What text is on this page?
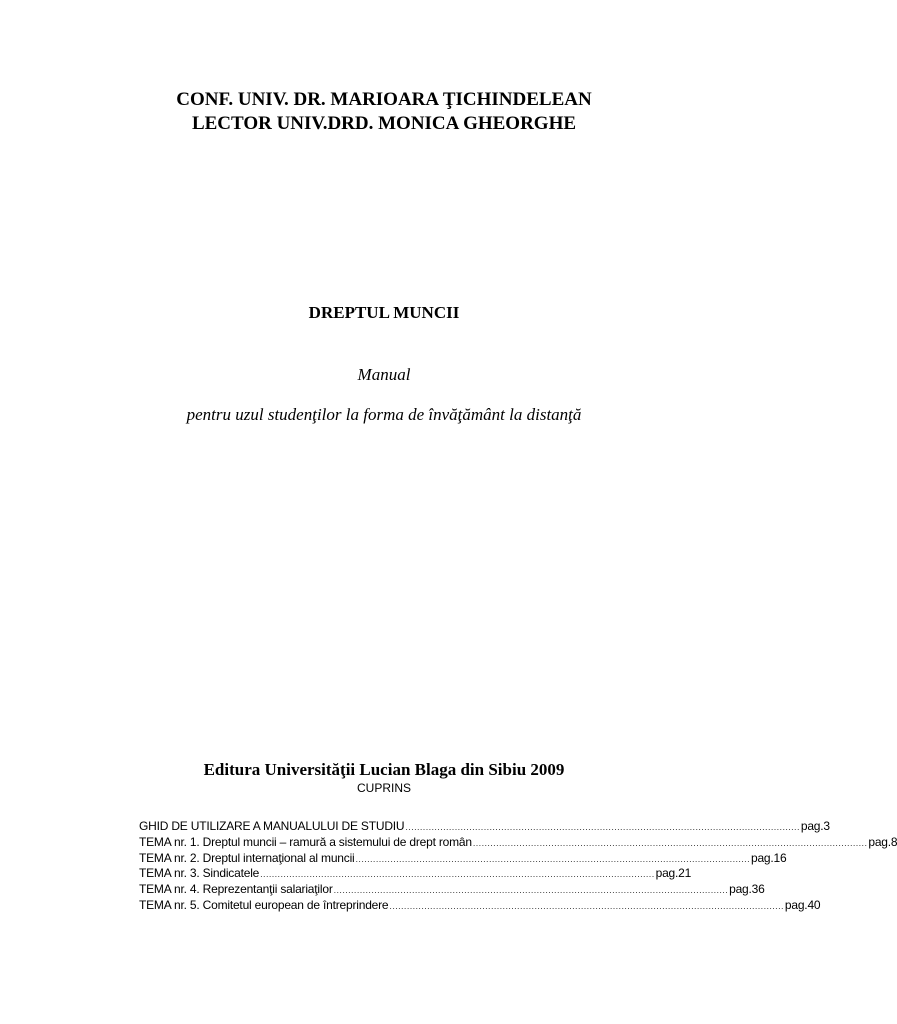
CONF. UNIV. DR. MARIOARA ŢICHINDELEAN
LECTOR UNIV.DRD. MONICA GHEORGHE
DREPTUL MUNCII
Manual
pentru uzul studenţilor la forma de învăţământ la distanţă
Editura Universităţii Lucian Blaga din Sibiu 2009
CUPRINS
GHID DE UTILIZARE A MANUALULUI DE STUDIU ........................................................................................................................................ pag.3
TEMA nr. 1. Dreptul muncii – ramură a sistemului de drept român ........................................................................................................................................ pag.8
TEMA nr. 2. Dreptul internaţional al muncii ........................................................................................................................................ pag.16
TEMA nr. 3. Sindicatele ........................................................................................................................................ pag.21
TEMA nr. 4. Reprezentanţii salariaţilor ........................................................................................................................................ pag.36
TEMA nr. 5. Comitetul european de întreprindere ........................................................................................................................................ pag.40
